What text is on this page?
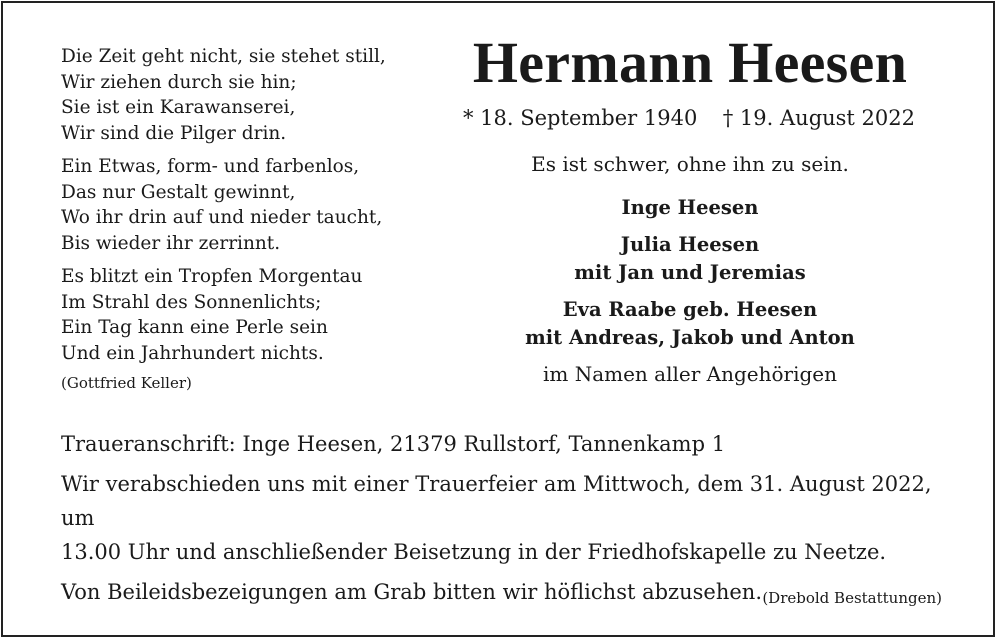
Die Zeit geht nicht, sie stehet still,
Wir ziehen durch sie hin;
Sie ist ein Karawanserei,
Wir sind die Pilger drin.
Ein Etwas, form- und farbenlos,
Das nur Gestalt gewinnt,
Wo ihr drin auf und nieder taucht,
Bis wieder ihr zerrinnt.
Es blitzt ein Tropfen Morgentau
Im Strahl des Sonnenlichts;
Ein Tag kann eine Perle sein
Und ein Jahrhundert nichts.
(Gottfried Keller)
Hermann Heesen
* 18. September 1940 † 19. August 2022
Es ist schwer, ohne ihn zu sein.
Inge Heesen
Julia Heesen
mit Jan und Jeremias
Eva Raabe geb. Heesen
mit Andreas, Jakob und Anton
im Namen aller Angehörigen

Traueranschrift: Inge Heesen, 21379 Rullstorf, Tannenkamp 1

Wir verabschieden uns mit einer Trauerfeier am Mittwoch, dem 31. August 2022, um

13.00 Uhr und anschließender Beisetzung in der Friedhofskapelle zu Neetze.

Von Beileidsbezeigungen am Grab bitten wir höflichst abzusehen. (Drebold Bestattungen)
